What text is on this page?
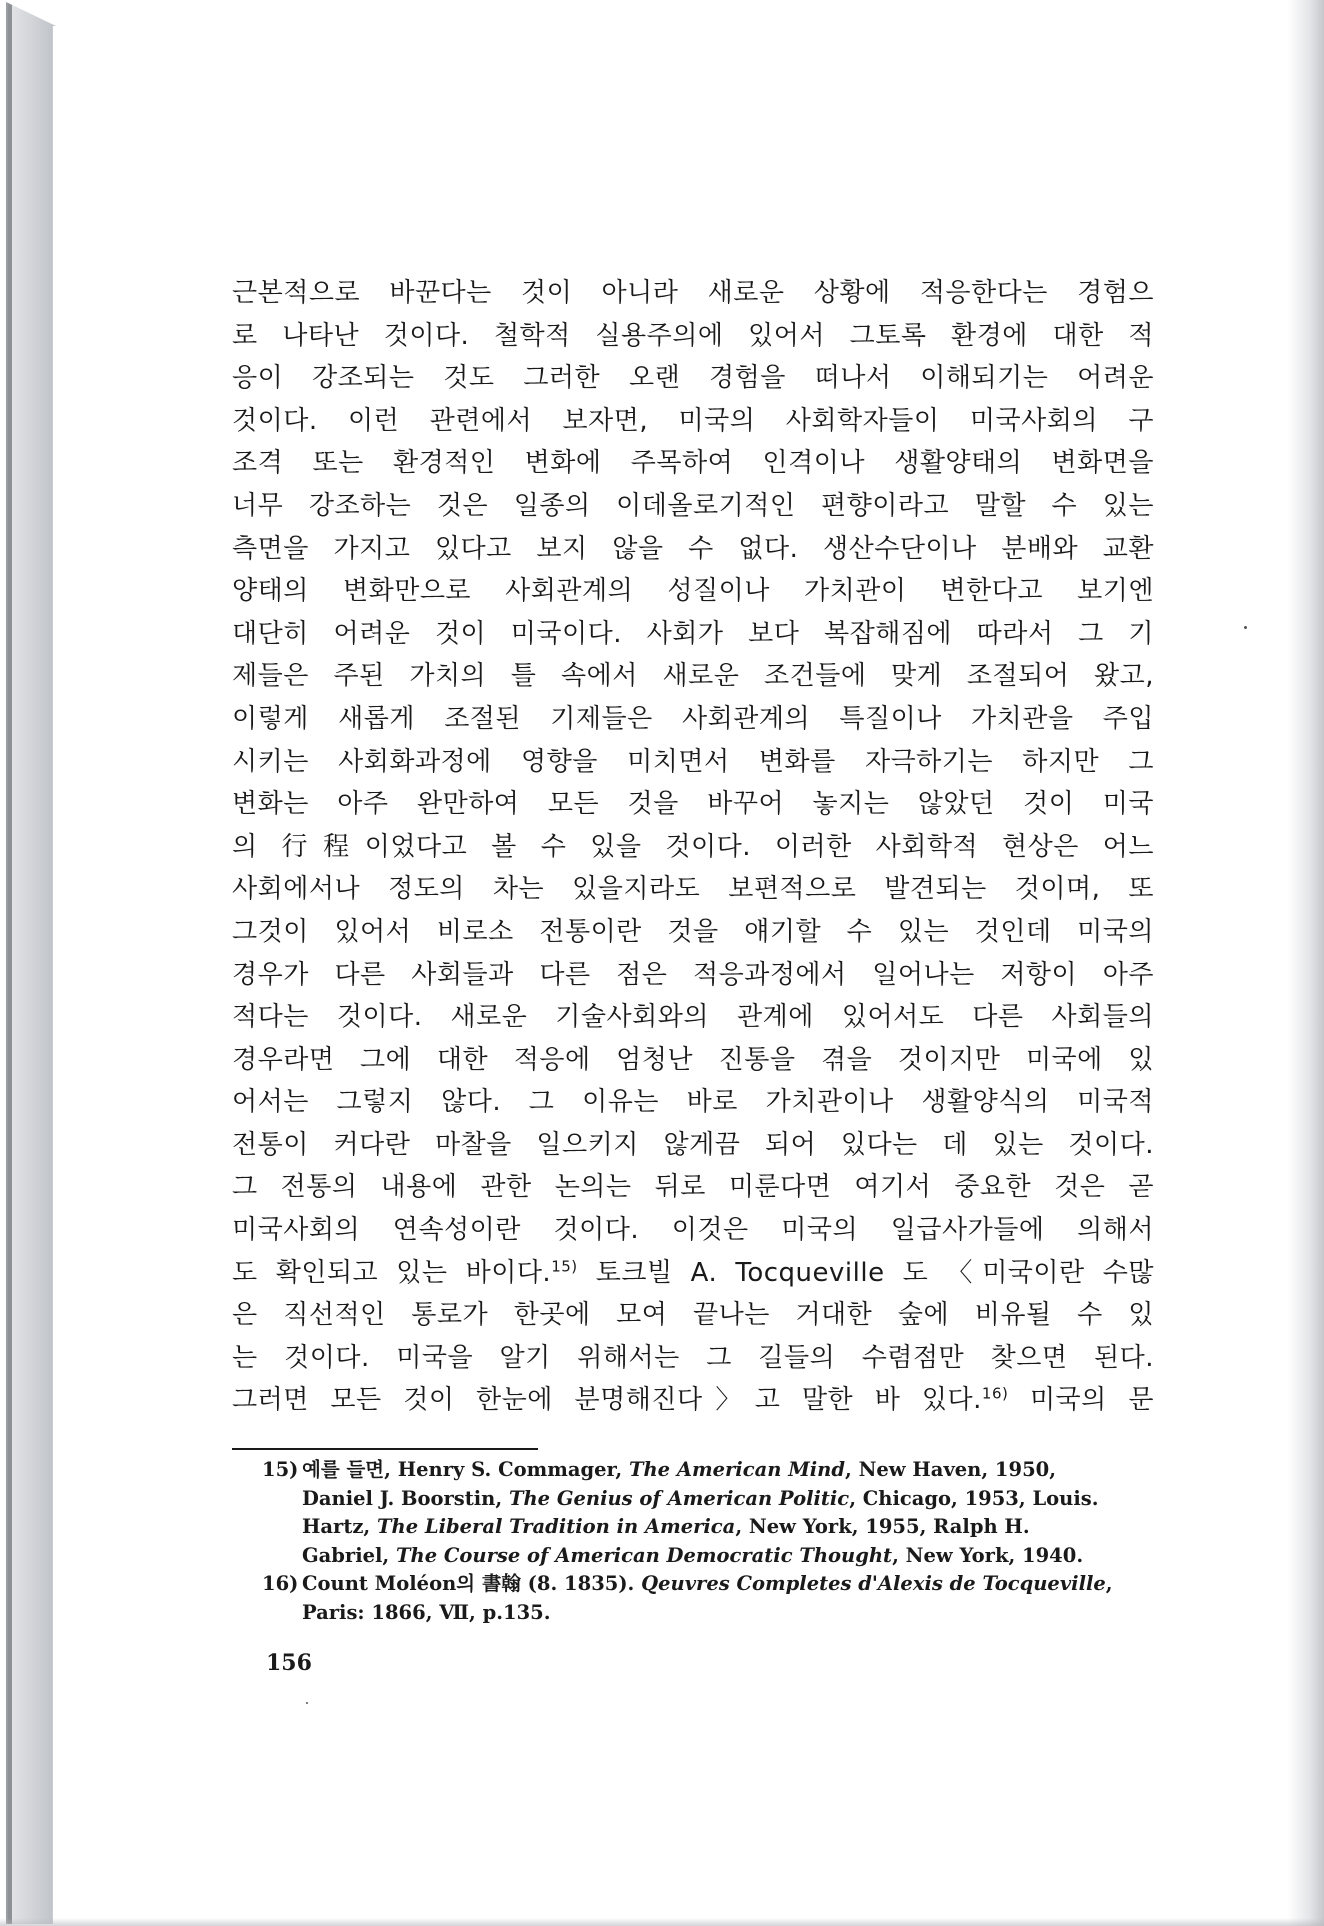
근본적으로 바꾼다는 것이 아니라 새로운 상황에 적응한다는 경험으
로 나타난 것이다. 철학적 실용주의에 있어서 그토록 환경에 대한 적
응이 강조되는 것도 그러한 오랜 경험을 떠나서 이해되기는 어려운
것이다. 이런 관련에서 보자면, 미국의 사회학자들이 미국사회의 구
조격 또는 환경적인 변화에 주목하여 인격이나 생활양태의 변화면을
너무 강조하는 것은 일종의 이데올로기적인 편향이라고 말할 수 있는
측면을 가지고 있다고 보지 않을 수 없다. 생산수단이나 분배와 교환
양태의 변화만으로 사회관계의 성질이나 가치관이 변한다고 보기엔
대단히 어려운 것이 미국이다. 사회가 보다 복잡해짐에 따라서 그 기
제들은 주된 가치의 틀 속에서 새로운 조건들에 맞게 조절되어 왔고,
이렇게 새롭게 조절된 기제들은 사회관계의 특질이나 가치관을 주입
시키는 사회화과정에 영향을 미치면서 변화를 자극하기는 하지만 그
변화는 아주 완만하여 모든 것을 바꾸어 놓지는 않았던 것이 미국
의 行程이었다고 볼 수 있을 것이다. 이러한 사회학적 현상은 어느
사회에서나 정도의 차는 있을지라도 보편적으로 발견되는 것이며, 또
그것이 있어서 비로소 전통이란 것을 얘기할 수 있는 것인데 미국의
경우가 다른 사회들과 다른 점은 적응과정에서 일어나는 저항이 아주
적다는 것이다. 새로운 기술사회와의 관계에 있어서도 다른 사회들의
경우라면 그에 대한 적응에 엄청난 진통을 겪을 것이지만 미국에 있
어서는 그렇지 않다. 그 이유는 바로 가치관이나 생활양식의 미국적
전통이 커다란 마찰을 일으키지 않게끔 되어 있다는 데 있는 것이다.
그 전통의 내용에 관한 논의는 뒤로 미룬다면 여기서 중요한 것은 곧
미국사회의 연속성이란 것이다. 이것은 미국의 일급사가들에 의해서
도 확인되고 있는 바이다.$^{15)}$ 토크빌 A. Tocqueville 도 〈미국이란 수많
은 직선적인 통로가 한곳에 모여 끝나는 거대한 숲에 비유될 수 있
는 것이다. 미국을 알기 위해서는 그 길들의 수렴점만 찾으면 된다.
그러면 모든 것이 한눈에 분명해진다〉고 말한 바 있다.$^{16)}$ 미국의 문
15) 예를 들면, Henry S. Commager, The American Mind, New Haven, 1950,
Daniel J. Boorstin, The Genius of American Politic, Chicago, 1953, Louis.
Hartz, The Liberal Tradition in America, New York, 1955, Ralph H.
Gabriel, The Course of American Democratic Thought, New York, 1940.
16) Count Moléon의 書翰 (8. 1835). Qeuvres Completes d'Alexis de Tocqueville,
Paris: 1866, Ⅶ, p.135.
156
